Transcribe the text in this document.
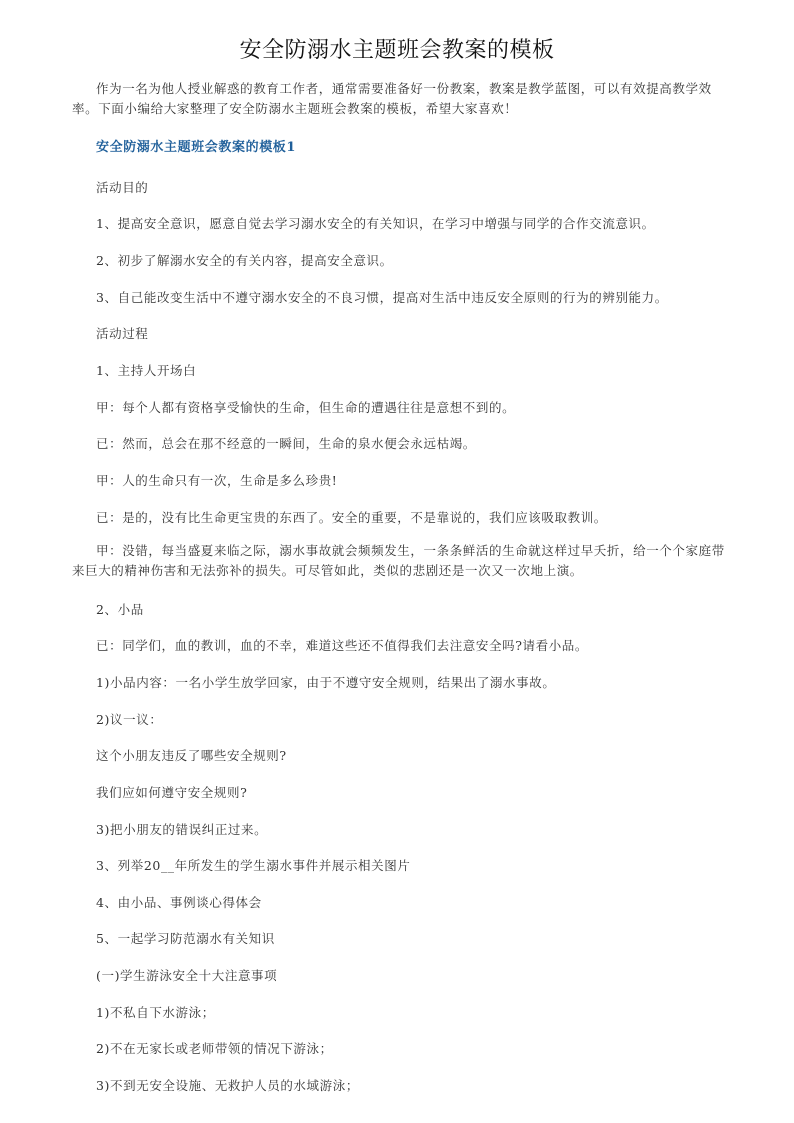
安全防溺水主题班会教案的模板
作为一名为他人授业解惑的教育工作者，通常需要准备好一份教案，教案是教学蓝图，可以有效提高教学效率。下面小编给大家整理了安全防溺水主题班会教案的模板，希望大家喜欢！
安全防溺水主题班会教案的模板1
活动目的
1、提高安全意识，愿意自觉去学习溺水安全的有关知识，在学习中增强与同学的合作交流意识。
2、初步了解溺水安全的有关内容，提高安全意识。
3、自己能改变生活中不遵守溺水安全的不良习惯，提高对生活中违反安全原则的行为的辨别能力。
活动过程
1、主持人开场白
甲：每个人都有资格享受愉快的生命，但生命的遭遇往往是意想不到的。
已：然而，总会在那不经意的一瞬间，生命的泉水便会永远枯竭。
甲：人的生命只有一次，生命是多么珍贵!
已：是的，没有比生命更宝贵的东西了。安全的重要，不是靠说的，我们应该吸取教训。
甲：没错，每当盛夏来临之际，溺水事故就会频频发生，一条条鲜活的生命就这样过早夭折，给一个个家庭带来巨大的精神伤害和无法弥补的损失。可尽管如此，类似的悲剧还是一次又一次地上演。
2、小品
已：同学们，血的教训，血的不幸，难道这些还不值得我们去注意安全吗?请看小品。
1)小品内容：一名小学生放学回家，由于不遵守安全规则，结果出了溺水事故。
2)议一议：
这个小朋友违反了哪些安全规则?
我们应如何遵守安全规则?
3)把小朋友的错误纠正过来。
3、列举20__年所发生的学生溺水事件并展示相关图片
4、由小品、事例谈心得体会
5、一起学习防范溺水有关知识
(一)学生游泳安全十大注意事项
1)不私自下水游泳；
2)不在无家长或老师带领的情况下游泳；
3)不到无安全设施、无救护人员的水域游泳；
